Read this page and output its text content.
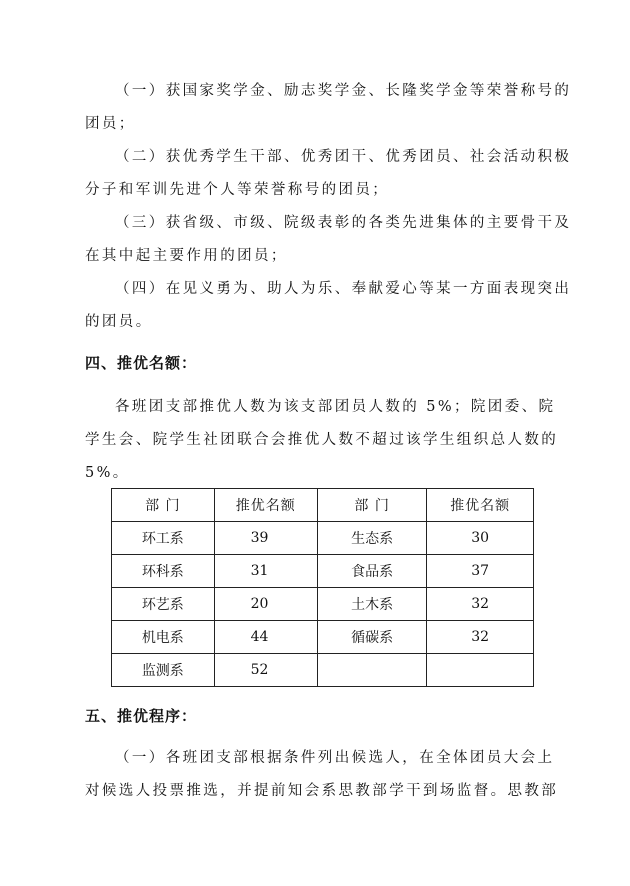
（一）获国家奖学金、励志奖学金、长隆奖学金等荣誉称号的
团员；

（二）获优秀学生干部、优秀团干、优秀团员、社会活动积极
分子和军训先进个人等荣誉称号的团员；

（三）获省级、市级、院级表彰的各类先进集体的主要骨干及
在其中起主要作用的团员；

（四）在见义勇为、助人为乐、奉献爱心等某一方面表现突出
的团员。

四、推优名额：

各班团支部推优人数为该支部团员人数的 5%；院团委、院
学生会、院学生社团联合会推优人数不超过该学生组织总人数的
5%。

部 门	推优名额	部 门	推优名额
环工系	39	生态系	30
环科系	31	食品系	37
环艺系	20	土木系	32
机电系	44	循碳系	32
监测系	52		
五、推优程序：

（一）各班团支部根据条件列出候选人，在全体团员大会上
对候选人投票推选，并提前知会系思教部学干到场监督。思教部
